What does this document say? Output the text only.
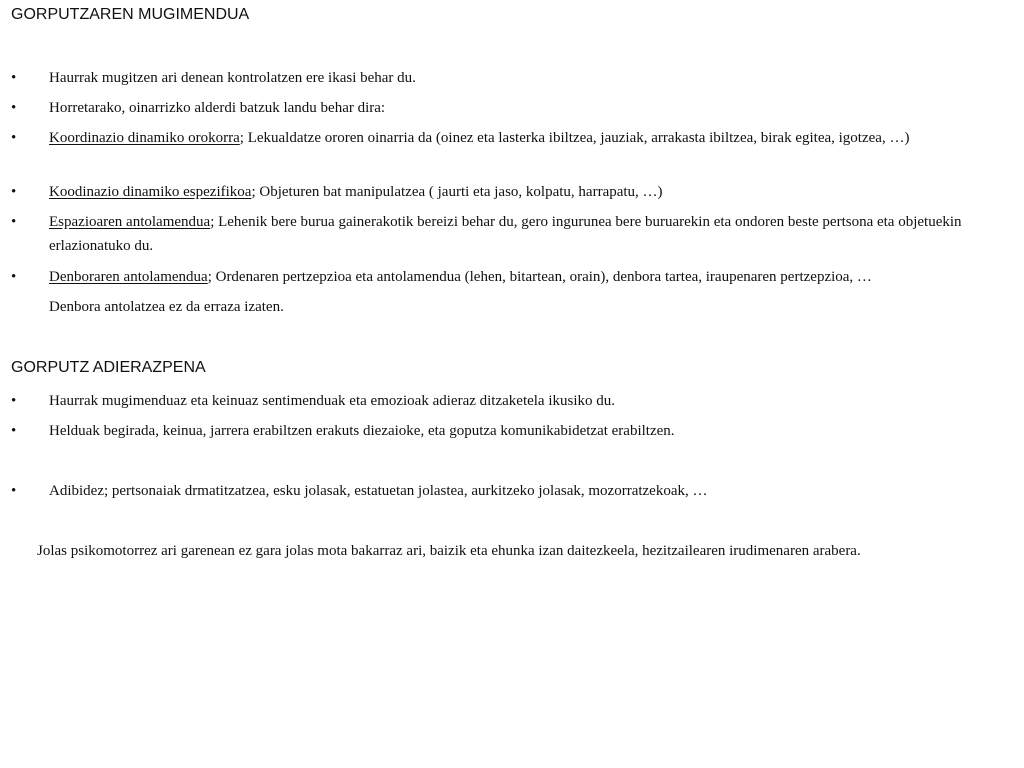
GORPUTZAREN MUGIMENDUA
• Haurrak mugitzen ari denean kontrolatzen ere ikasi behar du.
• Horretarako, oinarrizko alderdi batzuk landu behar dira:
• Koordinazio dinamiko orokorra; Lekualdatze ororen oinarria da (oinez eta lasterka ibiltzea, jauziak, arrakasta ibiltzea, birak egitea, igotzea, …)
• Koodinazio dinamiko espezifikoa; Objeturen bat manipulatzea ( jaurti eta jaso, kolpatu, harrapatu, …)
• Espazioaren antolamendua; Lehenik bere burua gainerakotik bereizi behar du, gero ingurunea bere buruarekin eta ondoren beste pertsona eta objetuekin erlazionatuko du.
• Denboraren antolamendua; Ordenaren pertzepzioa eta antolamendua (lehen, bitartean, orain), denbora tartea, iraupenaren pertzepzioa, …
Denbora antolatzea ez da erraza izaten.
GORPUTZ ADIERAZPENA
• Haurrak mugimenduaz eta keinuaz sentimenduak eta emozioak adieraz ditzaketela ikusiko du.
• Helduak begirada, keinua, jarrera erabiltzen erakuts diezaioke, eta goputza komunikabidetzat erabiltzen.
• Adibidez; pertsonaiak drmatitzatzea, esku jolasak, estatuetan jolastea, aurkitzeko jolasak, mozorratzekoak, …

Jolas psikomotorrez ari garenean ez gara jolas mota bakarraz ari, baizik eta ehunka izan daitezkeela, hezitzailearen irudimenaren arabera.
